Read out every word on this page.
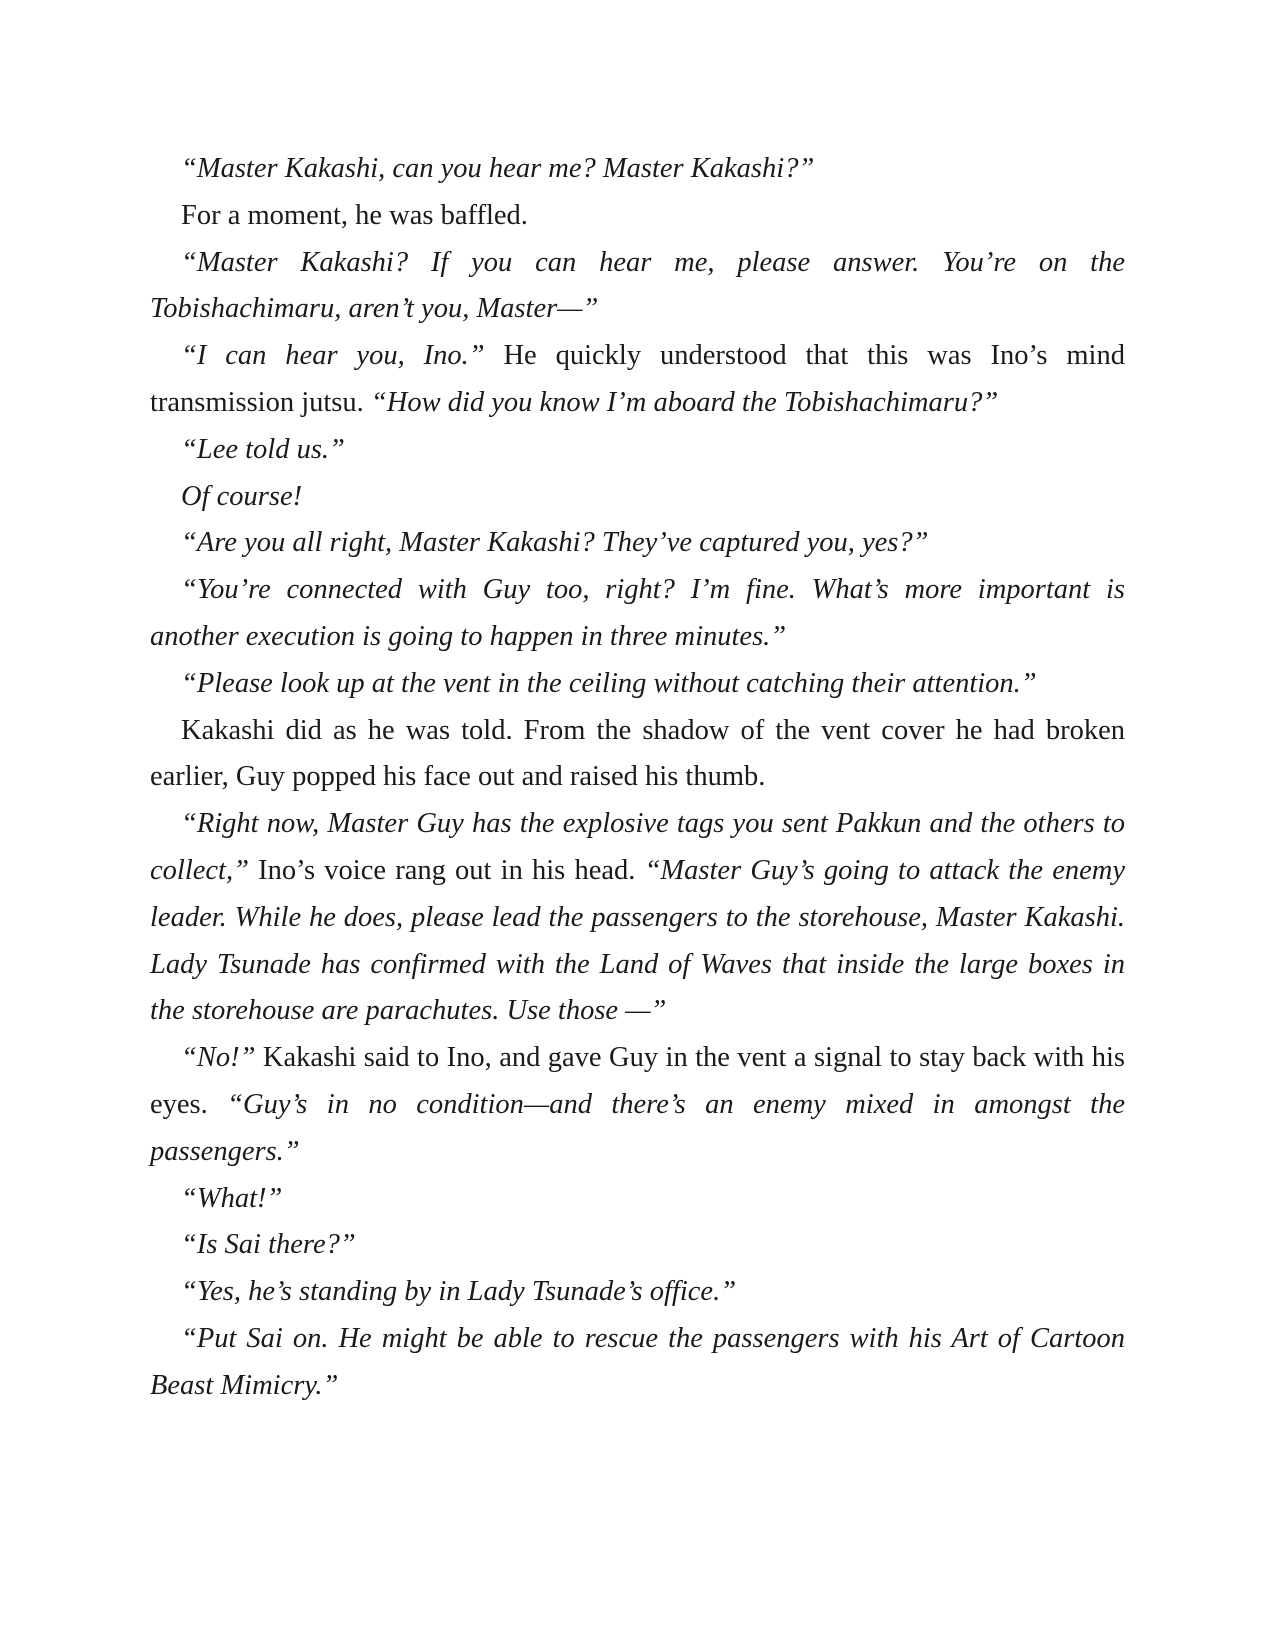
“Master Kakashi, can you hear me? Master Kakashi?”

For a moment, he was baffled.

“Master Kakashi? If you can hear me, please answer. You’re on the Tobishachimaru, aren’t you, Master—”

“I can hear you, Ino.” He quickly understood that this was Ino’s mind transmission jutsu. “How did you know I’m aboard the Tobishachimaru?”

“Lee told us.”

Of course!

“Are you all right, Master Kakashi? They’ve captured you, yes?”

“You’re connected with Guy too, right? I’m fine. What’s more important is another execution is going to happen in three minutes.”

“Please look up at the vent in the ceiling without catching their attention.”

Kakashi did as he was told. From the shadow of the vent cover he had broken earlier, Guy popped his face out and raised his thumb.

“Right now, Master Guy has the explosive tags you sent Pakkun and the others to collect,” Ino’s voice rang out in his head. “Master Guy’s going to attack the enemy leader. While he does, please lead the passengers to the storehouse, Master Kakashi. Lady Tsunade has confirmed with the Land of Waves that inside the large boxes in the storehouse are parachutes. Use those —”

“No!” Kakashi said to Ino, and gave Guy in the vent a signal to stay back with his eyes. “Guy’s in no condition—and there’s an enemy mixed in amongst the passengers.”

“What!”

“Is Sai there?”

“Yes, he’s standing by in Lady Tsunade’s office.”

“Put Sai on. He might be able to rescue the passengers with his Art of Cartoon Beast Mimicry.”
